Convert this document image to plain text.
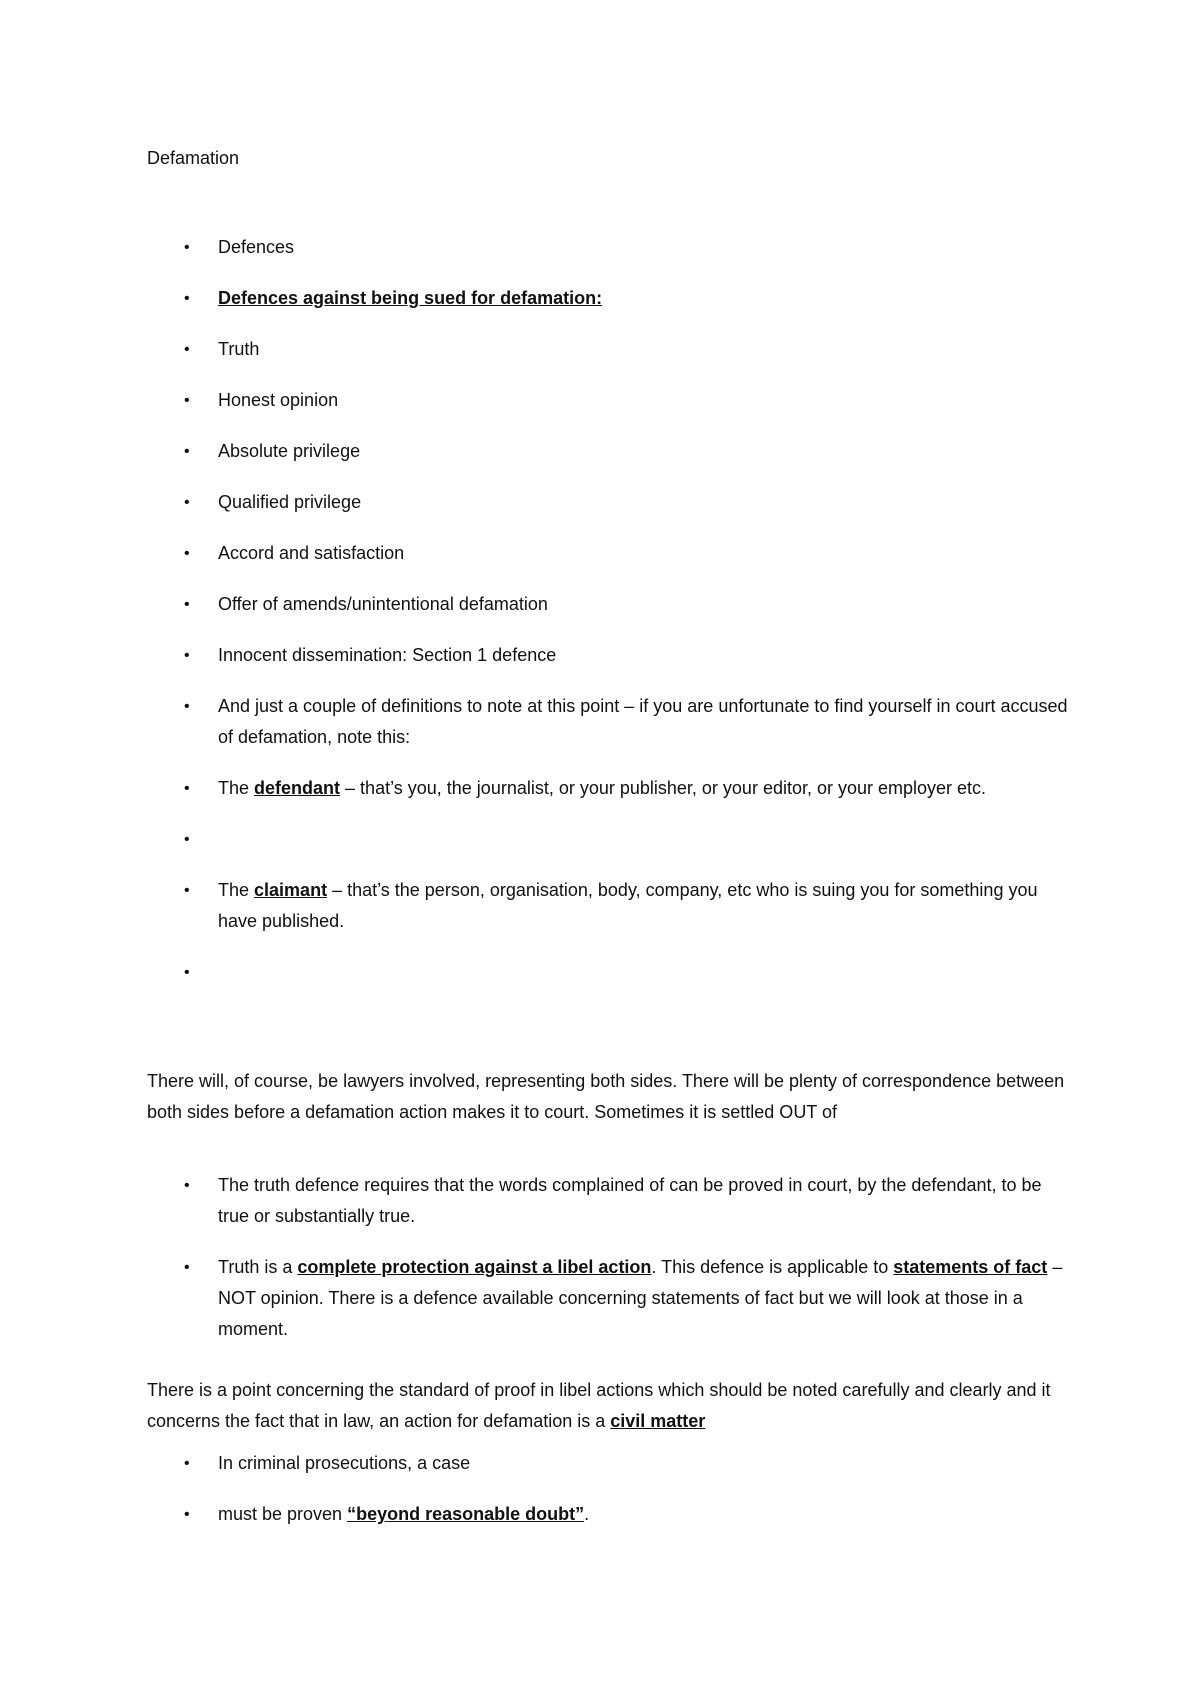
Defamation

• Defences
• Defences against being sued for defamation:
• Truth
• Honest opinion
• Absolute privilege
• Qualified privilege
• Accord and satisfaction
• Offer of amends/unintentional defamation
• Innocent dissemination: Section 1 defence
• And just a couple of definitions to note at this point – if you are unfortunate to find yourself in court accused of defamation, note this:
• The defendant – that’s you, the journalist, or your publisher, or your editor, or your employer etc.
•
• The claimant – that’s the person, organisation, body, company, etc who is suing you for something you have published.
•

There will, of course, be lawyers involved, representing both sides. There will be plenty of correspondence between both sides before a defamation action makes it to court. Sometimes it is settled OUT of

• The truth defence requires that the words complained of can be proved in court, by the defendant, to be true or substantially true.
• Truth is a complete protection against a libel action. This defence is applicable to statements of fact – NOT opinion. There is a defence available concerning statements of fact but we will look at those in a moment.

There is a point concerning the standard of proof in libel actions which should be noted carefully and clearly and it concerns the fact that in law, an action for defamation is a civil matter

• In criminal prosecutions, a case
• must be proven “beyond reasonable doubt”.
